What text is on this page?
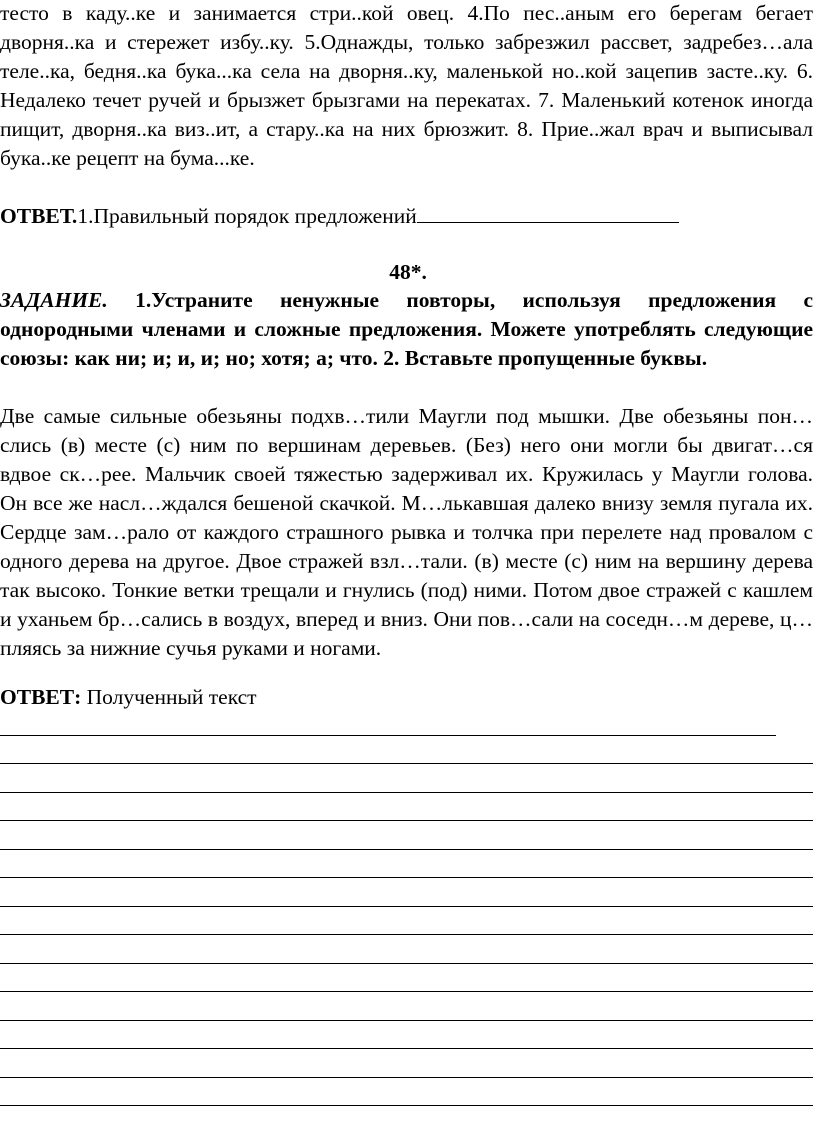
тесто в каду..ке и занимается стри..кой овец. 4.По пес..аным его берегам бегает дворня..ка и стережет избу..ку. 5.Однажды, только забрезжил рассвет, задребез…ала теле..ка, бедня..ка бука...ка села на дворня..ку, маленькой но..кой зацепив засте..ку. 6. Недалеко течет ручей и брызжет брызгами на перекатах. 7. Маленький котенок иногда пищит, дворня..ка виз..ит, а стару..ка на них брюзжит. 8. Прие..жал врач и выписывал бука..ке рецепт на бума...ке.

ОТВЕТ.1.Правильный порядок предложений

48*.

ЗАДАНИЕ. 1.Устраните ненужные повторы, используя предложения с однородными членами и сложные предложения. Можете употреблять следующие союзы: как ни; и; и, и; но; хотя; а; что. 2. Вставьте пропущенные буквы.

Две самые сильные обезьяны подхв…тили Маугли под мышки. Две обезьяны пон…слись (в) месте (с) ним по вершинам деревьев. (Без) него они могли бы двигат…ся вдвое ск…рее. Мальчик своей тяжестью задерживал их. Кружилась у Маугли голова. Он все же насл…ждался бешеной скачкой. М…лькавшая далеко внизу земля пугала их. Сердце зам…рало от каждого страшного рывка и толчка при перелете над провалом с одного дерева на другое. Двое стражей взл…тали. (в) месте (с) ним на вершину дерева так высоко. Тонкие ветки трещали и гнулись (под) ними. Потом двое стражей с кашлем и уханьем бр…сались в воздух, вперед и вниз. Они пов…сали на соседн…м дереве, ц…пляясь за нижние сучья руками и ногами.

ОТВЕТ: Полученный текст
